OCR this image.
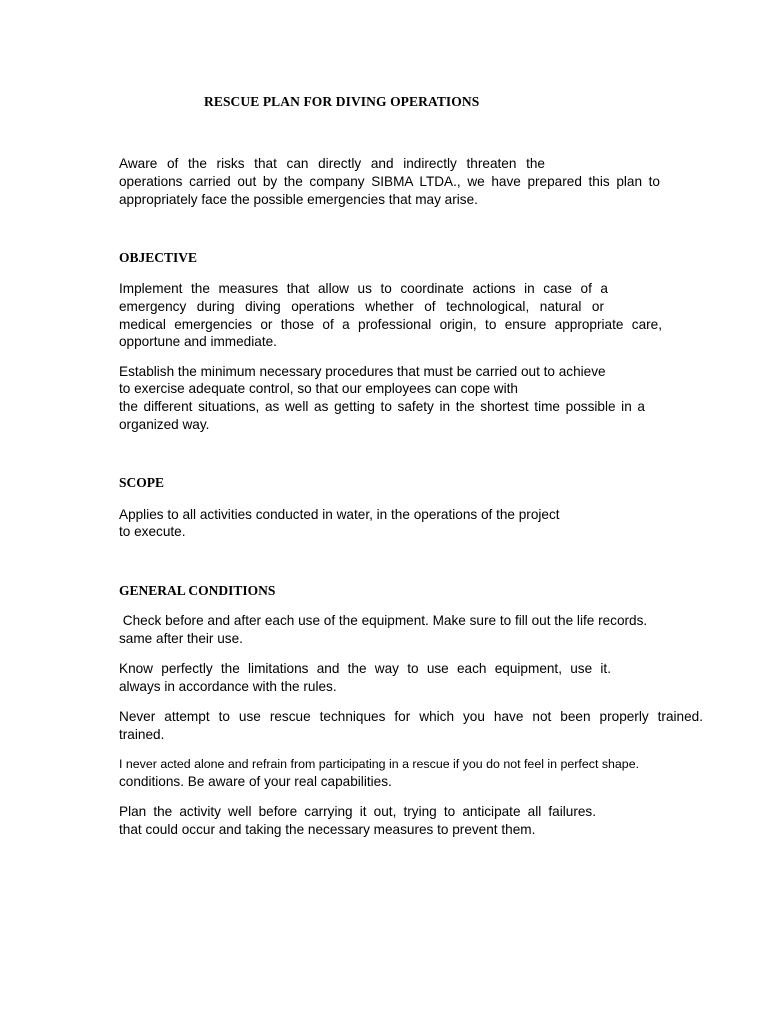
RESCUE PLAN FOR DIVING OPERATIONS
Aware of the risks that can directly and indirectly threaten the
operations carried out by the company SIBMA LTDA., we have prepared this plan to
appropriately face the possible emergencies that may arise.
OBJECTIVE
Implement the measures that allow us to coordinate actions in case of a
emergency during diving operations whether of technological, natural or
medical emergencies or those of a professional origin, to ensure appropriate care,
opportune and immediate.
Establish the minimum necessary procedures that must be carried out to achieve
to exercise adequate control, so that our employees can cope with
the different situations, as well as getting to safety in the shortest time possible in a
organized way.
SCOPE
Applies to all activities conducted in water, in the operations of the project
to execute.
GENERAL CONDITIONS
Check before and after each use of the equipment. Make sure to fill out the life records.
same after their use.
Know perfectly the limitations and the way to use each equipment, use it.
always in accordance with the rules.
Never attempt to use rescue techniques for which you have not been properly trained.
trained.
I never acted alone and refrain from participating in a rescue if you do not feel in perfect shape.
conditions. Be aware of your real capabilities.
Plan the activity well before carrying it out, trying to anticipate all failures.
that could occur and taking the necessary measures to prevent them.
